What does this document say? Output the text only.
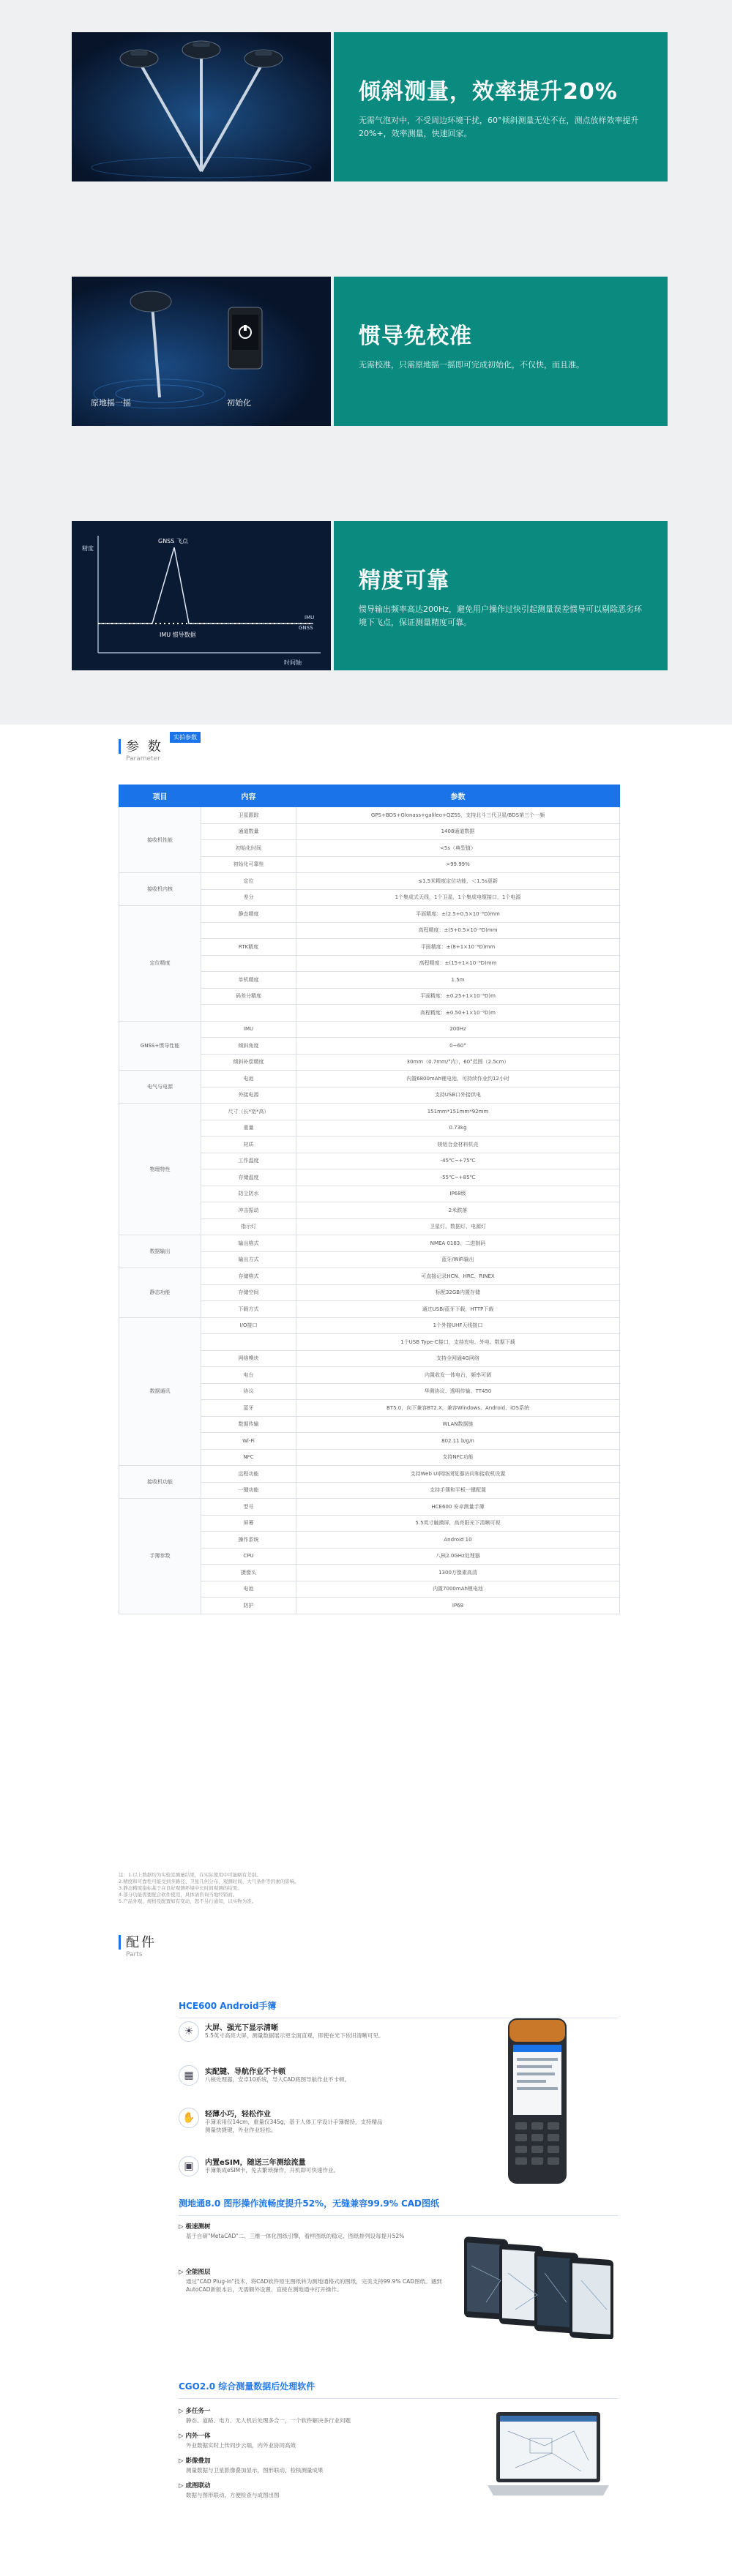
倾斜测量，效率提升20%

无需气泡对中，不受周边环境干扰，60°倾斜测量无处不在，测点放样效率提升20%+，效率测量，快速回家。

原地摇一摇	初始化
惯导免校准

无需校准，只需原地摇一摇即可完成初始化，不仅快，而且准。

精度
时间轴
GNSS 飞点
IMU 惯导数据
IMU
GNSS
精度可靠

惯导输出频率高达200Hz，避免用户操作过快引起测量误差惯导可以剔除恶劣环境下飞点，保证测量精度可靠。

参 数
Parameter
实拍参数
项目	内容	参数
接收机性能	卫星跟踪	GPS+BDS+Glonass+galileo+QZSS，支持北斗三代卫星/BDS第三个一频
	通道数量	1408通道数据
	初始化时间	<5s（典型值）
	初始化可靠性	>99.99%
接收机内核	定位	≤1.5米精度定位功能，＜1.5s更新
	差分	1个集成式天线，1个卫星，1个集成电缆接口，1个电源
定位精度	静态精度	平面精度：±(2.5+0.5×10⁻⁶D)mm
		高程精度：±(5+0.5×10⁻⁶D)mm
	RTK精度	平面精度：±(8+1×10⁻⁶D)mm
		高程精度：±(15+1×10⁻⁶D)mm
	单机精度	1.5m
	码差分精度	平面精度：±0.25+1×10⁻⁶D)m
		高程精度：±0.50+1×10⁻⁶D)m
GNSS+惯导性能	IMU	200Hz
	倾斜角度	0~60°
	倾斜补偿精度	30mm（0.7mm/°内），60°范围（2.5cm）
电气与电源	电池	内置6800mAh锂电池，可持续作业约12小时
	外接电源	支持USB口外接供电
物理特性	尺寸（长*宽*高）	151mm*151mm*92mm
	重量	0.73kg
	材质	镁铝合金材料机壳
	工作温度	-45℃~+75℃
	存储温度	-55℃~+85℃
	防尘防水	IP68级
	冲击振动	2米跌落
	指示灯	卫星灯、数据灯、电源灯
数据输出	输出格式	NMEA 0183、二进制码
	输出方式	蓝牙/WiFi输出
静态功能	存储格式	可直接记录HCN、HRC、RINEX
	存储空间	标配32GB内置存储
	下载方式	通过USB/蓝牙下载，HTTP下载
数据通讯	I/O接口	1个外接UHF天线接口
		1个USB Type-C接口，支持充电、外电、数据下载
	网络模块	支持全网通4G网络
	电台	内置收发一体电台，频率可调
	协议	华测协议、透明传输、TT450
	蓝牙	BT5.0，向下兼容BT2.X，兼容Windows、Android、iOS系统
	数据传输	WLAN数据链
	Wi-Fi	802.11 b/g/n
	NFC	支持NFC功能
接收机功能	远程功能	支持Web UI网络浏览器访问和接收机设置
	一键功能	支持手簿和平板一键配置
手簿参数	型号	HCE600 安卓测量手簿
	屏幕	5.5英寸触摸屏，高亮阳光下清晰可视
	操作系统	Android 10
	CPU	八核2.0GHz处理器
	摄像头	1300万像素高清
	电池	内置7000mAh锂电池
	防护	IP68
注：1.以上数据均为实验室测量结果，在实际使用中可能略有差别。
2.精度和可靠性可能受到多路径、卫星几何分布、观测时间、大气条件等因素的影响。
3.静态精度指标基于在良好观测环境中长时间观测的结果。
4.部分功能需要配合软件使用，具体请咨询当地经销商。
5.产品外观、规格及配置如有变动，恕不另行通知，以实物为准。
配件
Parts
HCE600 Android手簿
☀	大屏、强光下显示清晰
5.5英寸高亮大屏，测量数据展示更全面直观，即使在光下依旧清晰可见。
▦	实配键、导航作业不卡顿
八核处理器，安卓10系统，导入CAD底图导航作业不卡顿。
✋	轻薄小巧，轻松作业
手簿采用仅14cm，重量仅345g，基于人体工学设计手簿握持，支持精品测量快捷键，外业作业轻松。
▣	内置eSIM，随送三年测绘流量
手簿集成eSIM卡，免去繁琐操作，开机即可快速作业。
测地通8.0 图形操作流畅度提升52%，无缝兼容99.9% CAD图纸
▷ 极速测树
基于自研"MetaCAD"二、三维一体化图纸引擎，看样图纸的稳定、图纸排列设每提升52%
▷ 全能图层
通过"CAD Plug-in"技术，将CAD软件原生图纸转为测地通格式的图纸，完美支持99.9% CAD图纸。遇到AutoCAD新版本后，无需额外设置、直接在测地通中打开操作。
CGO2.0 综合测量数据后处理软件
▷ 多任务一
静态、道路、电力、无人机后处理多合一，一个软件解决多行业问题
▷ 内外一体
外业数据实时上传同步云端，内外业协同高效
▷ 影像叠加
测量数据与卫星影像叠加显示，图形联动，检核测量成果
▷ 成图联动
数据与图形联动，方便检查与成图出图
